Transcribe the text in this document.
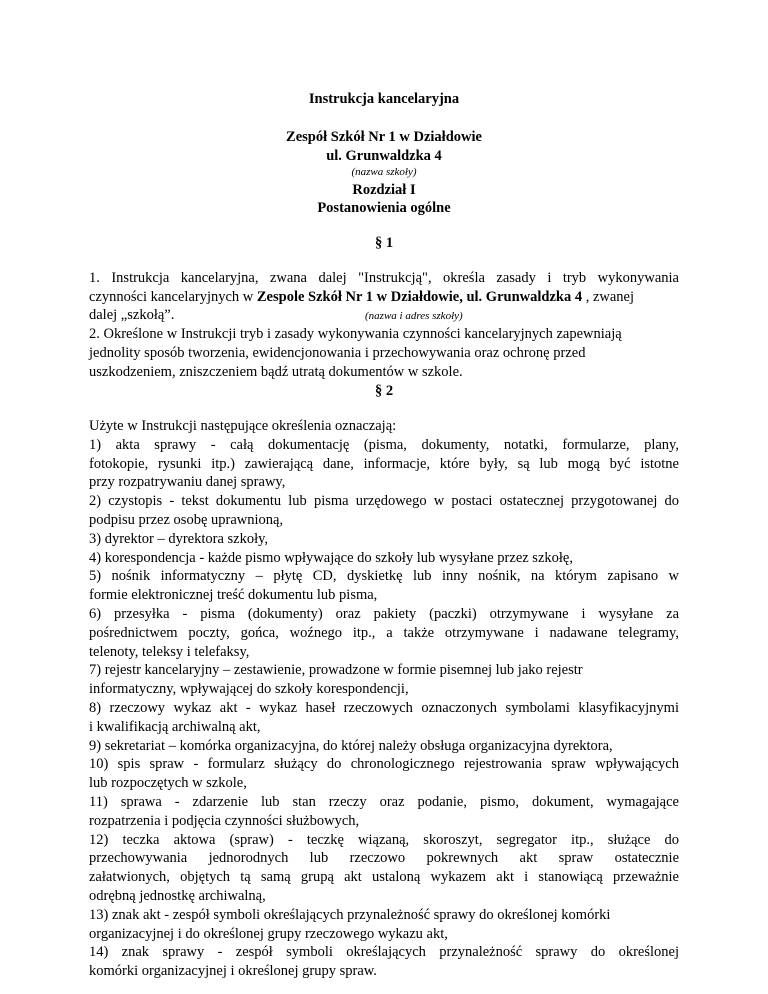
Instrukcja kancelaryjna
Zespół Szkół Nr 1 w Działdowie
ul. Grunwaldzka 4
(nazwa szkoły)
Rozdział I
Postanowienia ogólne
§ 1
1. Instrukcja kancelaryjna, zwana dalej "Instrukcją", określa zasady i tryb wykonywania
czynności kancelaryjnych w Zespole Szkół Nr 1 w Działdowie, ul. Grunwaldzka 4 , zwanej
dalej „szkołą”.	(nazwa i adres szkoły)
2. Określone w Instrukcji tryb i zasady wykonywania czynności kancelaryjnych zapewniają
jednolity sposób tworzenia, ewidencjonowania i przechowywania oraz ochronę przed
uszkodzeniem, zniszczeniem bądź utratą dokumentów w szkole.
§ 2
Użyte w Instrukcji następujące określenia oznaczają:
1) akta sprawy - całą dokumentację (pisma, dokumenty, notatki, formularze, plany,
fotokopie, rysunki itp.) zawierającą dane, informacje, które były, są lub mogą być istotne
przy rozpatrywaniu danej sprawy,
2) czystopis - tekst dokumentu lub pisma urzędowego w postaci ostatecznej przygotowanej do
podpisu przez osobę uprawnioną,
3) dyrektor – dyrektora szkoły,
4) korespondencja - każde pismo wpływające do szkoły lub wysyłane przez szkołę,
5) nośnik informatyczny – płytę CD, dyskietkę lub inny nośnik, na którym zapisano w
formie elektronicznej treść dokumentu lub pisma,
6) przesyłka - pisma (dokumenty) oraz pakiety (paczki) otrzymywane i wysyłane za
pośrednictwem poczty, gońca, woźnego itp., a także otrzymywane i nadawane telegramy,
telenoty, teleksy i telefaksy,
7) rejestr kancelaryjny – zestawienie, prowadzone w formie pisemnej lub jako rejestr
informatyczny, wpływającej do szkoły korespondencji,
8) rzeczowy wykaz akt - wykaz haseł rzeczowych oznaczonych symbolami klasyfikacyjnymi
i kwalifikacją archiwalną akt,
9) sekretariat – komórka organizacyjna, do której należy obsługa organizacyjna dyrektora,
10) spis spraw - formularz służący do chronologicznego rejestrowania spraw wpływających
lub rozpoczętych w szkole,
11) sprawa - zdarzenie lub stan rzeczy oraz podanie, pismo, dokument, wymagające
rozpatrzenia i podjęcia czynności służbowych,
12) teczka aktowa (spraw) - teczkę wiązaną, skoroszyt, segregator itp., służące do
przechowywania jednorodnych lub rzeczowo pokrewnych akt spraw ostatecznie
załatwionych, objętych tą samą grupą akt ustaloną wykazem akt i stanowiącą przeważnie
odrębną jednostkę archiwalną,
13) znak akt - zespół symboli określających przynależność sprawy do określonej komórki
organizacyjnej i do określonej grupy rzeczowego wykazu akt,
14) znak sprawy - zespół symboli określających przynależność sprawy do określonej
komórki organizacyjnej i określonej grupy spraw.
